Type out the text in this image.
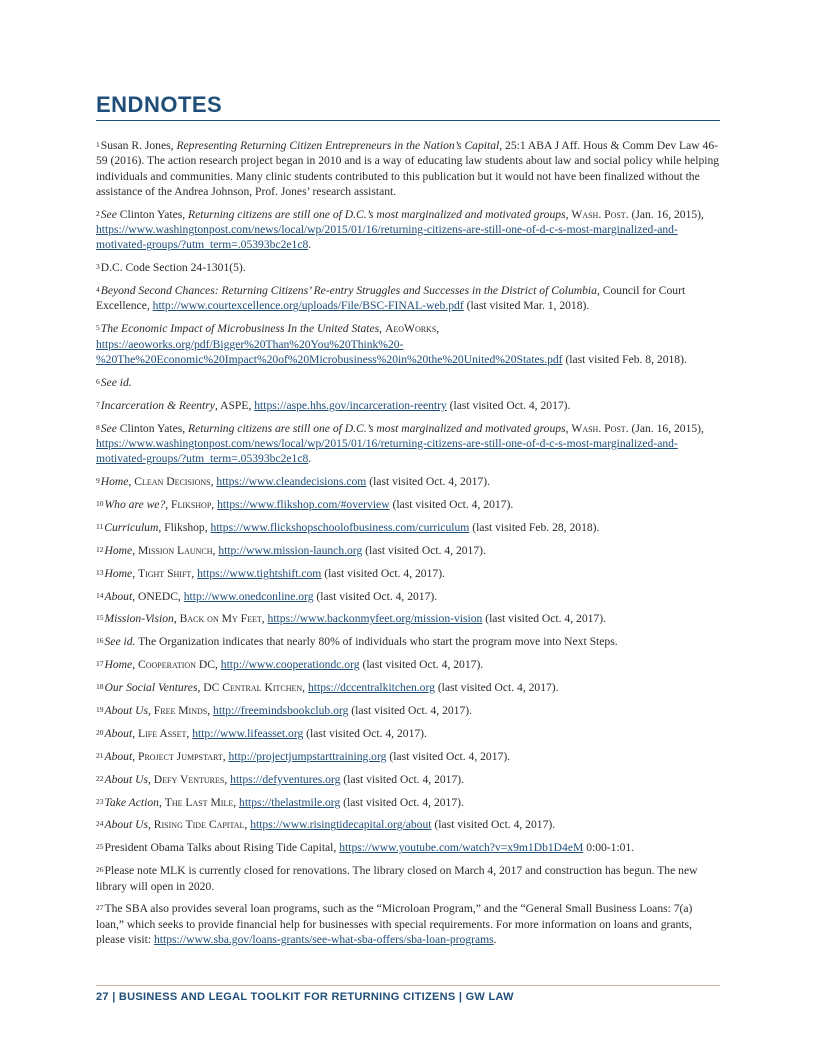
ENDNOTES

$^1$Susan R. Jones, Representing Returning Citizen Entrepreneurs in the Nation’s Capital, 25:1 ABA J Aff. Hous & Comm Dev Law 46-59 (2016). The action research project began in 2010 and is a way of educating law students about law and social policy while helping individuals and communities. Many clinic students contributed to this publication but it would not have been finalized without the assistance of the Andrea Johnson, Prof. Jones’ research assistant.

$^2$See Clinton Yates, Returning citizens are still one of D.C.’s most marginalized and motivated groups, Wash. Post. (Jan. 16, 2015), https://www.washingtonpost.com/news/local/wp/2015/01/16/returning-citizens-are-still-one-of-d-c-s-most-marginalized-and-motivated-groups/?utm_term=.05393bc2e1c8.

$^3$D.C. Code Section 24-1301(5).

$^4$Beyond Second Chances: Returning Citizens’ Re-entry Struggles and Successes in the District of Columbia, Council for Court Excellence, http://www.courtexcellence.org/uploads/File/BSC-FINAL-web.pdf (last visited Mar. 1, 2018).

$^5$The Economic Impact of Microbusiness In the United States, AeoWorks, https://aeoworks.org/pdf/Bigger%20Than%20You%20Think%20-%20The%20Economic%20Impact%20of%20Microbusiness%20in%20the%20United%20States.pdf (last visited Feb. 8, 2018).

$^6$See id.

$^7$Incarceration & Reentry, ASPE, https://aspe.hhs.gov/incarceration-reentry (last visited Oct. 4, 2017).

$^8$See Clinton Yates, Returning citizens are still one of D.C.’s most marginalized and motivated groups, Wash. Post. (Jan. 16, 2015), https://www.washingtonpost.com/news/local/wp/2015/01/16/returning-citizens-are-still-one-of-d-c-s-most-marginalized-and-motivated-groups/?utm_term=.05393bc2e1c8.

$^9$Home, Clean Decisions, https://www.cleandecisions.com (last visited Oct. 4, 2017).

$^{10}$Who are we?, Flikshop, https://www.flikshop.com/#overview (last visited Oct. 4, 2017).

$^{11}$Curriculum, Flikshop, https://www.flickshopschoolofbusiness.com/curriculum (last visited Feb. 28, 2018).

$^{12}$Home, Mission Launch, http://www.mission-launch.org (last visited Oct. 4, 2017).

$^{13}$Home, Tight Shift, https://www.tightshift.com (last visited Oct. 4, 2017).

$^{14}$About, ONEDC, http://www.onedconline.org (last visited Oct. 4, 2017).

$^{15}$Mission-Vision, Back on My Feet, https://www.backonmyfeet.org/mission-vision (last visited Oct. 4, 2017).

$^{16}$See id. The Organization indicates that nearly 80% of individuals who start the program move into Next Steps.

$^{17}$Home, Cooperation DC, http://www.cooperationdc.org (last visited Oct. 4, 2017).

$^{18}$Our Social Ventures, DC Central Kitchen, https://dccentralkitchen.org (last visited Oct. 4, 2017).

$^{19}$About Us, Free Minds, http://freemindsbookclub.org (last visited Oct. 4, 2017).

$^{20}$About, Life Asset, http://www.lifeasset.org (last visited Oct. 4, 2017).

$^{21}$About, Project Jumpstart, http://projectjumpstarttraining.org (last visited Oct. 4, 2017).

$^{22}$About Us, Defy Ventures, https://defyventures.org (last visited Oct. 4, 2017).

$^{23}$Take Action, The Last Mile, https://thelastmile.org (last visited Oct. 4, 2017).

$^{24}$About Us, Rising Tide Capital, https://www.risingtidecapital.org/about (last visited Oct. 4, 2017).

$^{25}$President Obama Talks about Rising Tide Capital, https://www.youtube.com/watch?v=x9m1Db1D4eM 0:00-1:01.

$^{26}$Please note MLK is currently closed for renovations. The library closed on March 4, 2017 and construction has begun. The new library will open in 2020.

$^{27}$The SBA also provides several loan programs, such as the “Microloan Program,” and the “General Small Business Loans: 7(a) loan,” which seeks to provide financial help for businesses with special requirements. For more information on loans and grants, please visit: https://www.sba.gov/loans-grants/see-what-sba-offers/sba-loan-programs.

27 | BUSINESS AND LEGAL TOOLKIT FOR RETURNING CITIZENS | GW LAW
